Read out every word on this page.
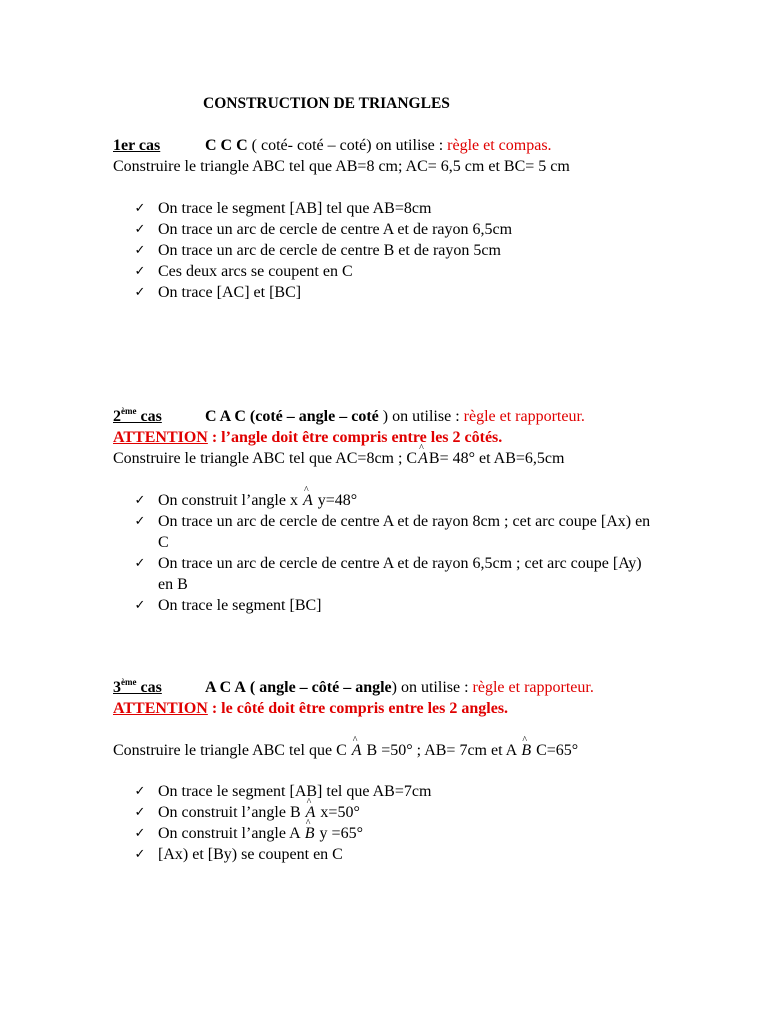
CONSTRUCTION DE TRIANGLES
1er cas	C C C ( coté- coté – coté) on utilise : règle et compas.
Construire le triangle ABC tel que AB=8 cm; AC= 6,5 cm et BC= 5 cm
✓ On trace le segment [AB] tel que AB=8cm
✓ On trace un arc de cercle de centre A et de rayon 6,5cm
✓ On trace un arc de cercle de centre B et de rayon 5cm
✓ Ces deux arcs se coupent en C
✓ On trace [AC] et [BC]
2ème cas	C A C (coté – angle – coté ) on utilise : règle et rapporteur.
ATTENTION : l’angle doit être compris entre les 2 côtés.
Construire le triangle ABC tel que AC=8cm ; C^ AB= 48° et AB=6,5cm
✓ On construit l’angle x ^ A y=48°
✓ On trace un arc de cercle de centre A et de rayon 8cm ; cet arc coupe [Ax) en C
✓ On trace un arc de cercle de centre A et de rayon 6,5cm ; cet arc coupe [Ay) en B
✓ On trace le segment [BC]
3ème cas	A C A ( angle – côté – angle) on utilise : règle et rapporteur.
ATTENTION : le côté doit être compris entre les 2 angles.
Construire le triangle ABC tel que C ^ A B =50° ; AB= 7cm et A ^ B C=65°
✓ On trace le segment [AB] tel que AB=7cm
✓ On construit l’angle B ^ A x=50°
✓ On construit l’angle A ^ B y =65°
✓ [Ax) et [By) se coupent en C
